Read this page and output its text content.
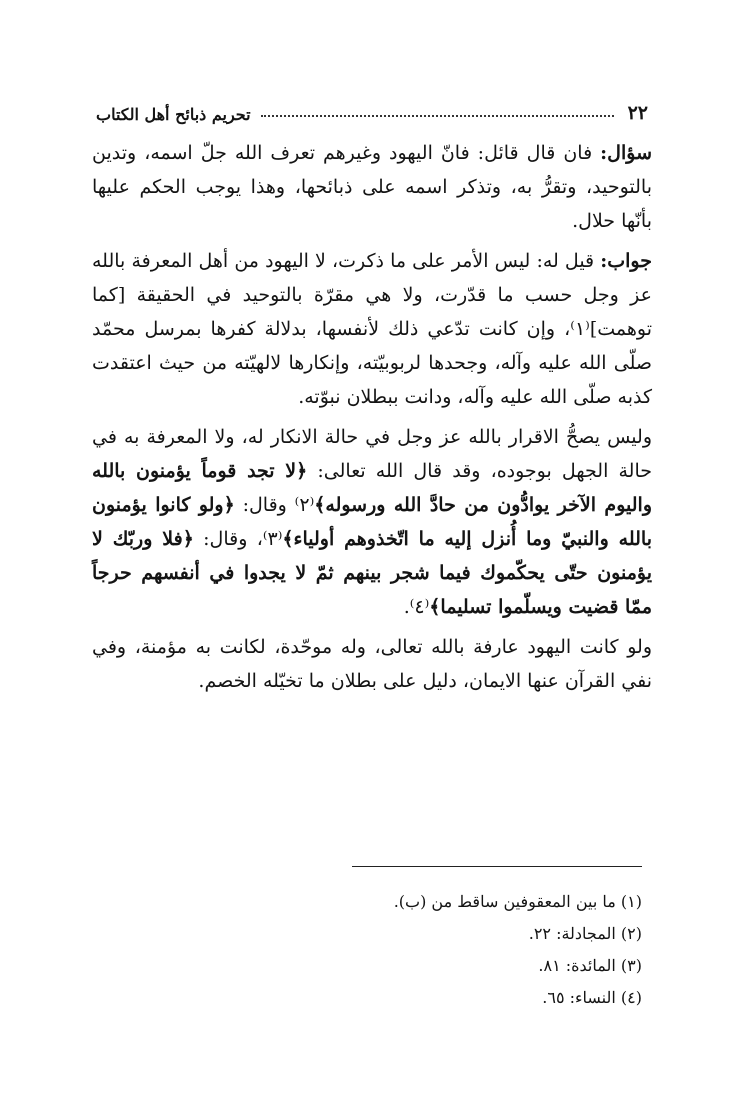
٢٢
تحريم ذبائح أهل الكتاب

سؤال: فان قال قائل: فانّ اليهود وغيرهم تعرف الله جلّ اسمه، وتدين بالتوحيد، وتقرُّ به، وتذكر اسمه على ذبائحها، وهذا يوجب الحكم عليها بأنّها حلال.

جواب: قيل له: ليس الأمر على ما ذكرت، لا اليهود من أهل المعرفة بالله عز وجل حسب ما قدّرت، ولا هي مقرّة بالتوحيد في الحقيقة [كما توهمت]⁽١⁾، وإن كانت تدّعي ذلك لأنفسها، بدلالة كفرها بمرسل محمّد صلّى الله عليه وآله، وجحدها لربوبيّته، وإنكارها لالهيّته من حيث اعتقدت كذبه صلّى الله عليه وآله، ودانت ببطلان نبوّته.

وليس يصحُّ الاقرار بالله عز وجل في حالة الانكار له، ولا المعرفة به في حالة الجهل بوجوده، وقد قال الله تعالى: ﴿لا تجد قوماً يؤمنون بالله واليوم الآخر يوادُّون من حادَّ الله ورسوله﴾⁽٢⁾ وقال: ﴿ولو كانوا يؤمنون بالله والنبيّ وما أُنزل إليه ما اتّخذوهم أولياء﴾⁽٣⁾، وقال: ﴿فلا وربّك لا يؤمنون حتّى يحكّموك فيما شجر بينهم ثمّ لا يجدوا في أنفسهم حرجاً ممّا قضيت ويسلّموا تسليما﴾⁽٤⁾.

ولو كانت اليهود عارفة بالله تعالى، وله موحّدة، لكانت به مؤمنة، وفي نفي القرآن عنها الايمان، دليل على بطلان ما تخيّله الخصم.

(١) ما بين المعقوفين ساقط من (ب).
(٢) المجادلة: ٢٢.
(٣) المائدة: ٨١.
(٤) النساء: ٦٥.
